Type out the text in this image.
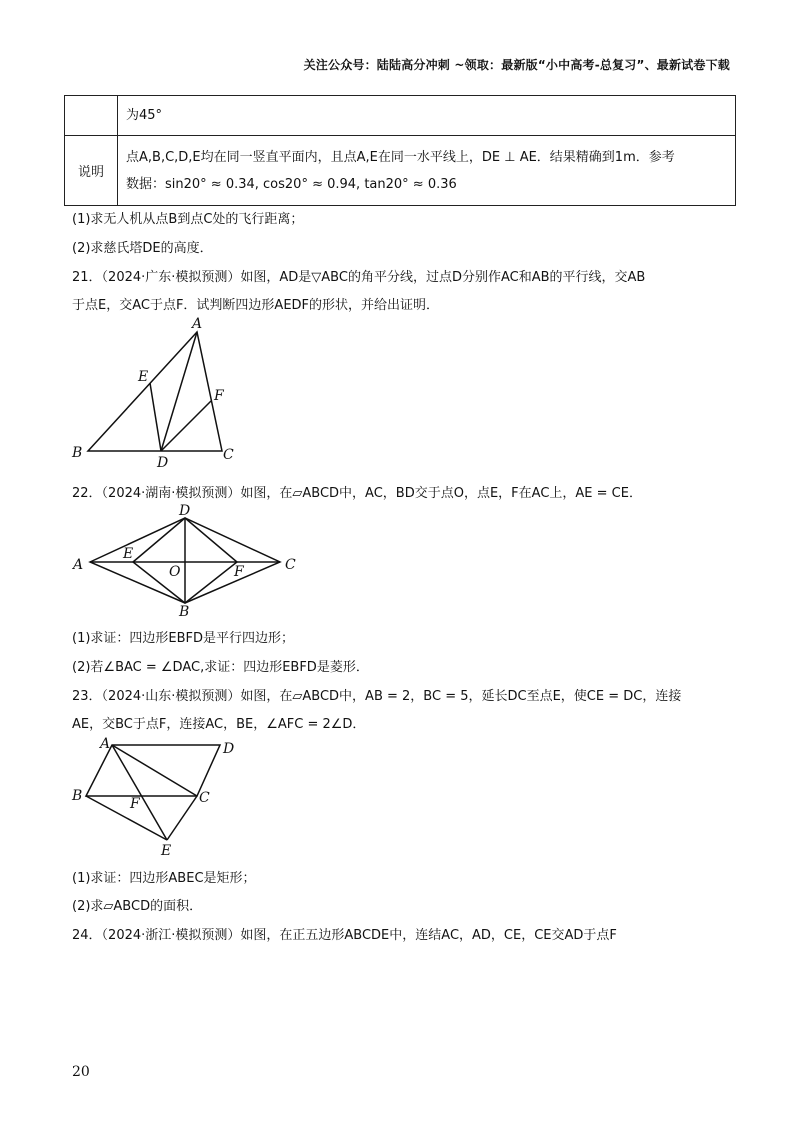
关注公众号：陆陆高分冲刺 ~领取：最新版“小中高考-总复习”、最新试卷下载
	为45°
说明	点A,B,C,D,E均在同一竖直平面内，且点A,E在同一水平线上，DE ⊥ AE．结果精确到1m．参考
数据：sin20° ≈ 0.34, cos20° ≈ 0.94, tan20° ≈ 0.36
(1)求无人机从点B到点C处的飞行距离；
(2)求慈氏塔DE的高度．
21．（2024·广东·模拟预测）如图，AD是▽ABC的角平分线，过点D分别作AC和AB的平行线，交AB
于点E，交AC于点F．试判断四边形AEDF的形状，并给出证明．
A
B	C
D
E
F
22．（2024·湖南·模拟预测）如图，在▱ABCD中，AC，BD交于点O，点E，F在AC上，AE = CE．
A
B
C
D
E
F
O
(1)求证：四边形EBFD是平行四边形；
(2)若∠BAC = ∠DAC,求证：四边形EBFD是菱形．
23．（2024·山东·模拟预测）如图，在▱ABCD中，AB = 2，BC = 5，延长DC至点E，使CE = DC，连接
AE，交BC于点F，连接AC，BE，∠AFC = 2∠D．
A	D
B	C
F
E
(1)求证：四边形ABEC是矩形；
(2)求▱ABCD的面积．
24．（2024·浙江·模拟预测）如图，在正五边形ABCDE中，连结AC，AD，CE，CE交AD于点F
20
